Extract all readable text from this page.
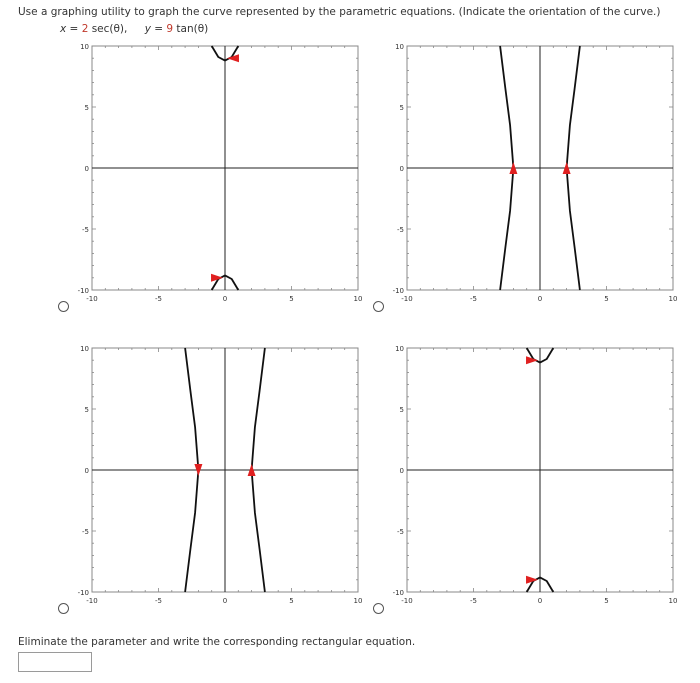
Use a graphing utility to graph the curve represented by the parametric equations. (Indicate the orientation of the curve.)
x = 2 sec(θ), y = 9 tan(θ)
-10	-5	0	5	10
10
5
0
-5
-10
-10	-5	0	5	10
10
5
0
-5
-10
-10	-5	0	5	10
10
5
0
-5
-10
-10	-5	0	5	10
10
5
0
-5
-10
Eliminate the parameter and write the corresponding rectangular equation.
